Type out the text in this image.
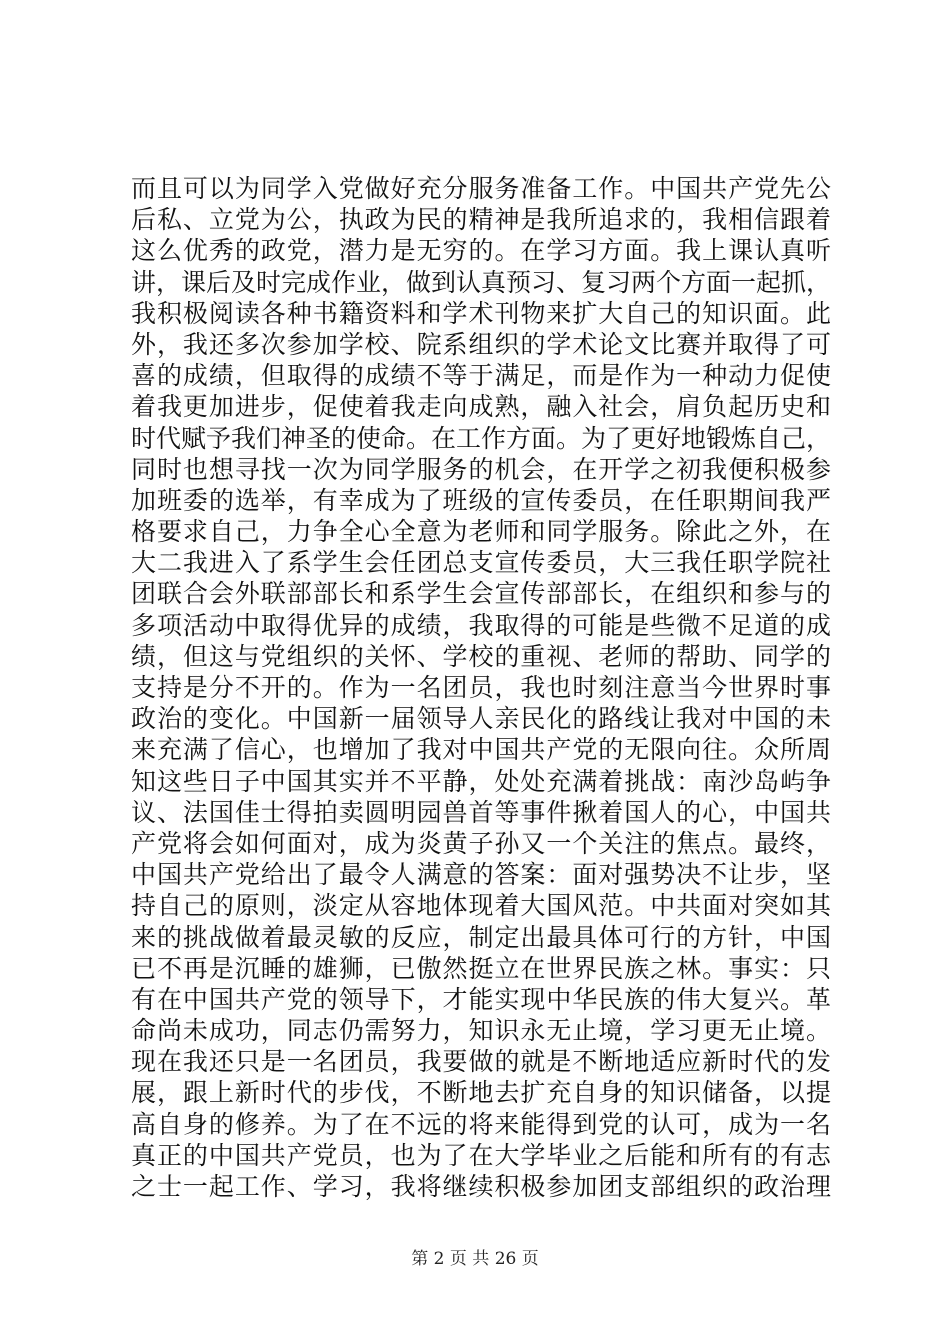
而且可以为同学入党做好充分服务准备工作。中国共产党先公
后私、立党为公，执政为民的精神是我所追求的，我相信跟着
这么优秀的政党，潜力是无穷的。在学习方面。我上课认真听
讲，课后及时完成作业，做到认真预习、复习两个方面一起抓，
我积极阅读各种书籍资料和学术刊物来扩大自己的知识面。此
外，我还多次参加学校、院系组织的学术论文比赛并取得了可
喜的成绩，但取得的成绩不等于满足，而是作为一种动力促使
着我更加进步，促使着我走向成熟，融入社会，肩负起历史和
时代赋予我们神圣的使命。在工作方面。为了更好地锻炼自己，
同时也想寻找一次为同学服务的机会，在开学之初我便积极参
加班委的选举，有幸成为了班级的宣传委员，在任职期间我严
格要求自己，力争全心全意为老师和同学服务。除此之外，在
大二我进入了系学生会任团总支宣传委员，大三我任职学院社
团联合会外联部部长和系学生会宣传部部长，在组织和参与的
多项活动中取得优异的成绩，我取得的可能是些微不足道的成
绩，但这与党组织的关怀、学校的重视、老师的帮助、同学的
支持是分不开的。作为一名团员，我也时刻注意当今世界时事
政治的变化。中国新一届领导人亲民化的路线让我对中国的未
来充满了信心，也增加了我对中国共产党的无限向往。众所周
知这些日子中国其实并不平静，处处充满着挑战：南沙岛屿争
议、法国佳士得拍卖圆明园兽首等事件揪着国人的心，中国共
产党将会如何面对，成为炎黄子孙又一个关注的焦点。最终，
中国共产党给出了最令人满意的答案：面对强势决不让步，坚
持自己的原则，淡定从容地体现着大国风范。中共面对突如其
来的挑战做着最灵敏的反应，制定出最具体可行的方针，中国
已不再是沉睡的雄狮，已傲然挺立在世界民族之林。事实：只
有在中国共产党的领导下，才能实现中华民族的伟大复兴。革
命尚未成功，同志仍需努力，知识永无止境，学习更无止境。
现在我还只是一名团员，我要做的就是不断地适应新时代的发
展，跟上新时代的步伐，不断地去扩充自身的知识储备，以提
高自身的修养。为了在不远的将来能得到党的认可，成为一名
真正的中国共产党员，也为了在大学毕业之后能和所有的有志
之士一起工作、学习，我将继续积极参加团支部组织的政治理
第 2 页 共 26 页
